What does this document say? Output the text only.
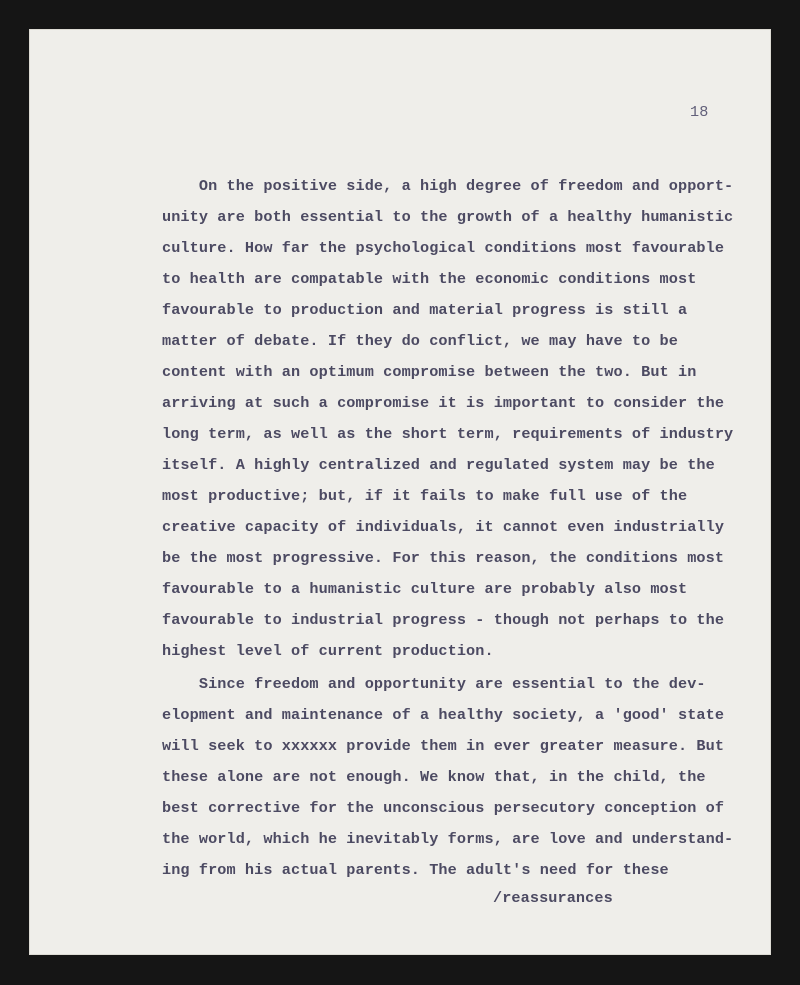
18
On the positive side, a high degree of freedom and opport-
unity are both essential to the growth of a healthy humanistic
culture. How far the psychological conditions most favourable
to health are compatable with the economic conditions most
favourable to production and material progress is still a
matter of debate. If they do conflict, we may have to be
content with an optimum compromise between the two. But in
arriving at such a compromise it is important to consider the
long term, as well as the short term, requirements of industry
itself. A highly centralized and regulated system may be the
most productive; but, if it fails to make full use of the
creative capacity of individuals, it cannot even industrially
be the most progressive. For this reason, the conditions most
favourable to a humanistic culture are probably also most
favourable to industrial progress - though not perhaps to the
highest level of current production.
Since freedom and opportunity are essential to the dev-
elopment and maintenance of a healthy society, a 'good' state
will seek to xxxxxx provide them in ever greater measure. But
these alone are not enough. We know that, in the child, the
best corrective for the unconscious persecutory conception of
the world, which he inevitably forms, are love and understand-
ing from his actual parents. The adult's need for these
/reassurances
